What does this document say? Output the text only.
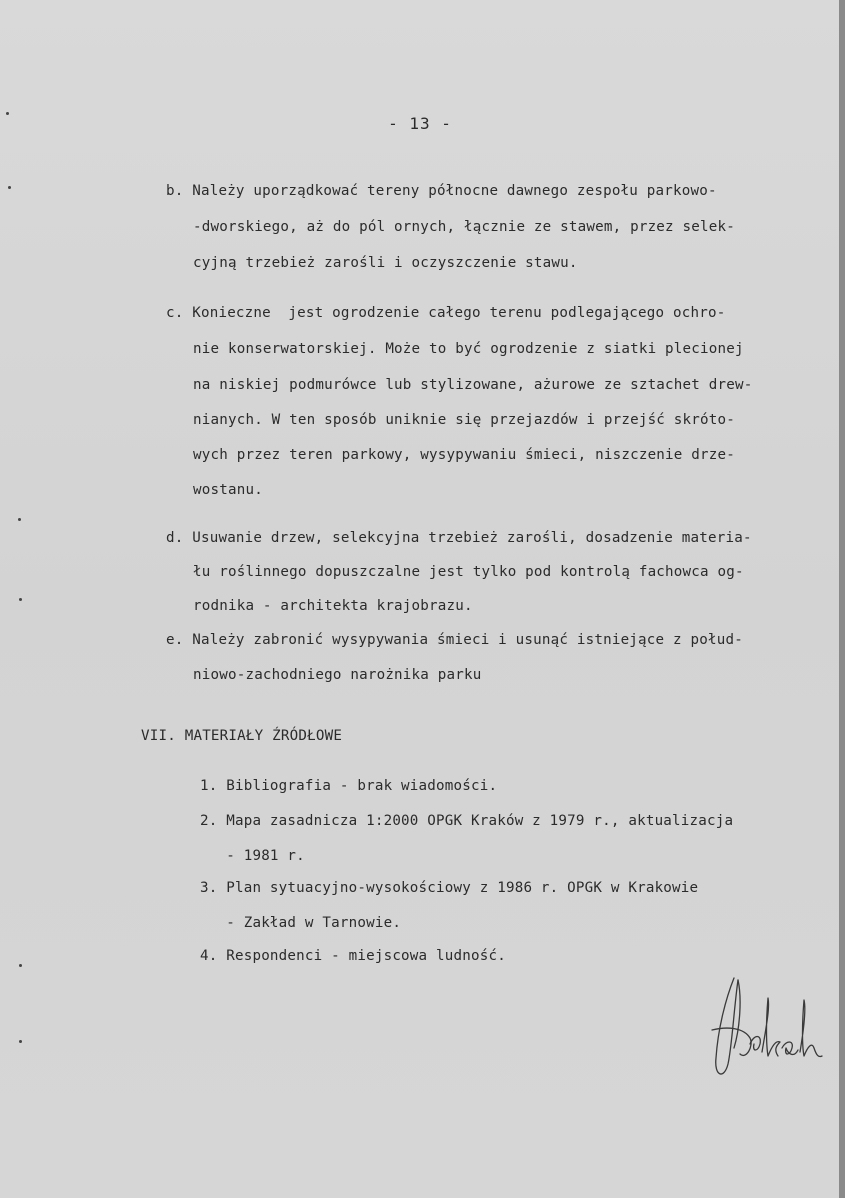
- 13 -
b. Należy uporządkować tereny północne dawnego zespołu parkowo-
-dworskiego, aż do pól ornych, łącznie ze stawem, przez selek-
cyjną trzebież zarośli i oczyszczenie stawu.
c. Konieczne  jest ogrodzenie całego terenu podlegającego ochro-
nie konserwatorskiej. Może to być ogrodzenie z siatki plecionej
na niskiej podmurówce lub stylizowane, ażurowe ze sztachet drew-
nianych. W ten sposób uniknie się przejazdów i przejść skróto-
wych przez teren parkowy, wysypywaniu śmieci, niszczenie drze-
wostanu.
d. Usuwanie drzew, selekcyjna trzebież zarośli, dosadzenie materia-
łu roślinnego dopuszczalne jest tylko pod kontrolą fachowca og-
rodnika - architekta krajobrazu.
e. Należy zabronić wysypywania śmieci i usunąć istniejące z połud-
niowo-zachodniego narożnika parku
VII. MATERIAŁY ŹRÓDŁOWE
1. Bibliografia - brak wiadomości.
2. Mapa zasadnicza 1:2000 OPGK Kraków z 1979 r., aktualizacja
- 1981 r.
3. Plan sytuacyjno-wysokościowy z 1986 r. OPGK w Krakowie
- Zakład w Tarnowie.
4. Respondenci - miejscowa ludność.
